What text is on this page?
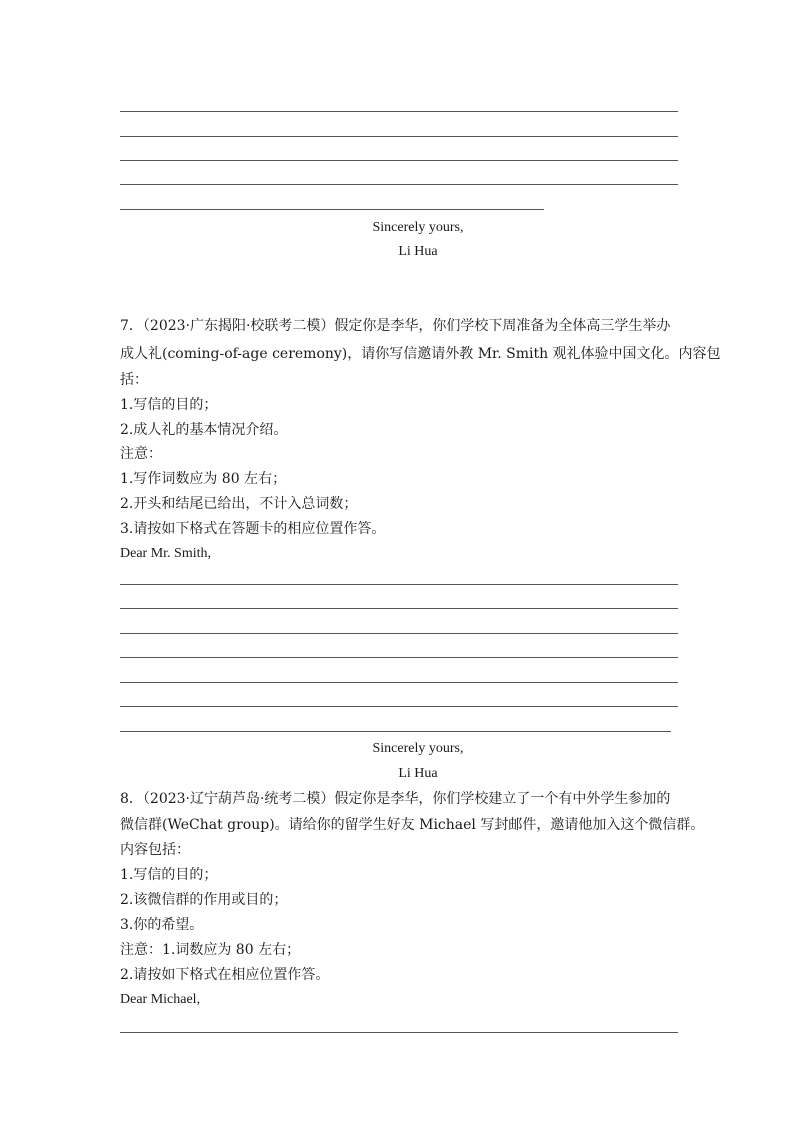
Sincerely yours,
Li Hua
7．（2023·广东揭阳·校联考二模）假定你是李华，你们学校下周准备为全体高三学生举办
成人礼(coming-of-age ceremony)，请你写信邀请外教 Mr. Smith 观礼体验中国文化。内容包
括：
1.写信的目的；
2.成人礼的基本情况介绍。
注意：
1.写作词数应为 80 左右；
2.开头和结尾已给出，不计入总词数；
3.请按如下格式在答题卡的相应位置作答。
Dear Mr. Smith,
Sincerely yours,
Li Hua
8．（2023·辽宁葫芦岛·统考二模）假定你是李华，你们学校建立了一个有中外学生参加的
微信群(WeChat group)。请给你的留学生好友 Michael 写封邮件，邀请他加入这个微信群。
内容包括：
1.写信的目的；
2.该微信群的作用或目的；
3.你的希望。
注意：1.词数应为 80 左右；
2.请按如下格式在相应位置作答。
Dear Michael,
